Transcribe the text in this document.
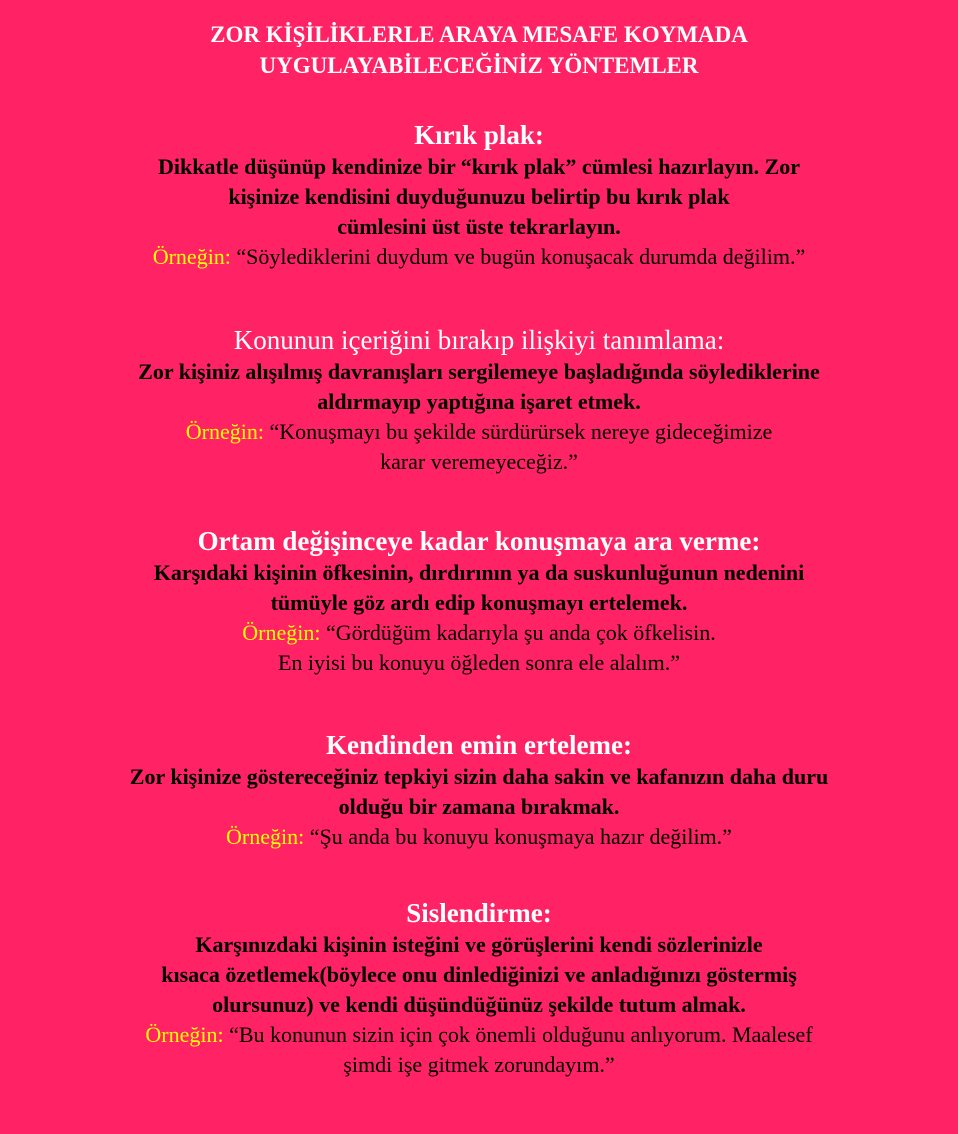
ZOR KİŞİLİKLERLE ARAYA MESAFE KOYMADA
UYGULAYABİLECEĞİNİZ YÖNTEMLER
Kırık plak:
Dikkatle düşünüp kendinize bir “kırık plak” cümlesi hazırlayın. Zor
kişinize kendisini duyduğunuzu belirtip bu kırık plak
cümlesini üst üste tekrarlayın.
Örneğin: “Söylediklerini duydum ve bugün konuşacak durumda değilim.”
Konunun içeriğini bırakıp ilişkiyi tanımlama:
Zor kişiniz alışılmış davranışları sergilemeye başladığında söylediklerine
aldırmayıp yaptığına işaret etmek.
Örneğin: “Konuşmayı bu şekilde sürdürürsek nereye gideceğimize
karar veremeyeceğiz.”
Ortam değişinceye kadar konuşmaya ara verme:
Karşıdaki kişinin öfkesinin, dırdırının ya da suskunluğunun nedenini
tümüyle göz ardı edip konuşmayı ertelemek.
Örneğin: “Gördüğüm kadarıyla şu anda çok öfkelisin.
En iyisi bu konuyu öğleden sonra ele alalım.”
Kendinden emin erteleme:
Zor kişinize göstereceğiniz tepkiyi sizin daha sakin ve kafanızın daha duru
olduğu bir zamana bırakmak.
Örneğin: “Şu anda bu konuyu konuşmaya hazır değilim.”
Sislendirme:
Karşınızdaki kişinin isteğini ve görüşlerini kendi sözlerinizle
kısaca özetlemek(böylece onu dinlediğinizi ve anladığınızı göstermiş
olursunuz) ve kendi düşündüğünüz şekilde tutum almak.
Örneğin: “Bu konunun sizin için çok önemli olduğunu anlıyorum. Maalesef
şimdi işe gitmek zorundayım.”
